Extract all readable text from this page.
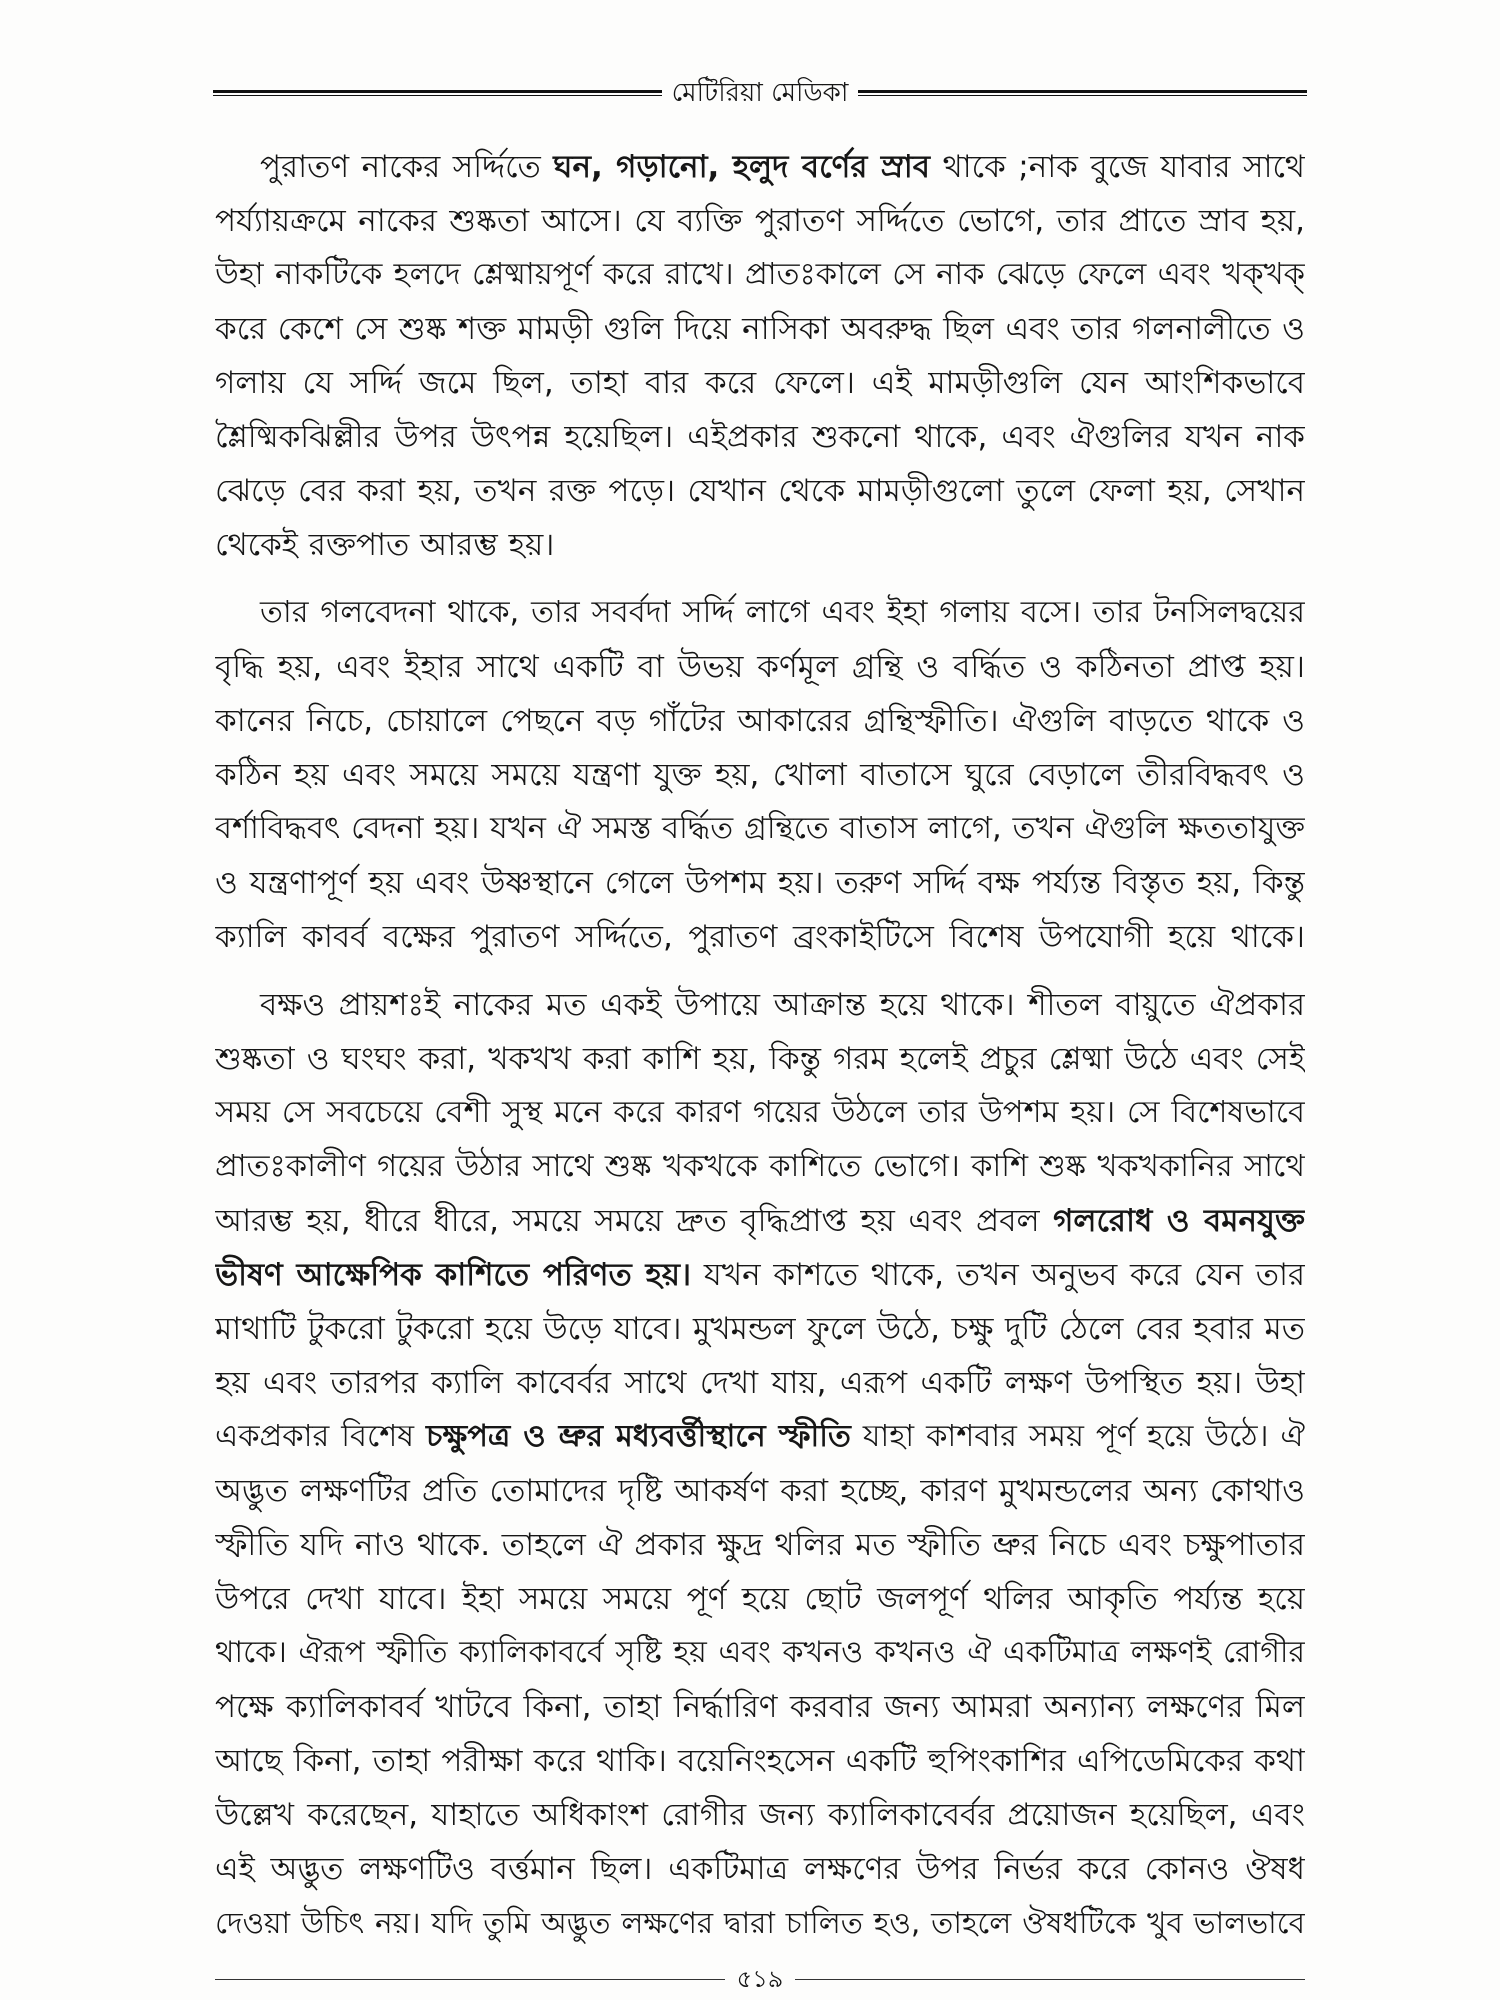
মেটিরিয়া মেডিকা
পুরাতণ নাকের সর্দ্দিতে ঘন, গড়ানো, হলুদ বর্ণের স্রাব থাকে ;নাক বুজে যাবার সাথে
পর্য্যায়ক্রমে নাকের শুষ্কতা আসে। যে ব্যক্তি পুরাতণ সর্দ্দিতে ভোগে, তার প্রাতে স্রাব হয়,
উহা নাকটিকে হলদে শ্লেষ্মায়পূর্ণ করে রাখে। প্রাতঃকালে সে নাক ঝেড়ে ফেলে এবং খক্খক্
করে কেশে সে শুষ্ক শক্ত মামড়ী গুলি দিয়ে নাসিকা অবরুদ্ধ ছিল এবং তার গলনালীতে ও
গলায় যে সর্দ্দি জমে ছিল, তাহা বার করে ফেলে। এই মামড়ীগুলি যেন আংশিকভাবে
শ্লৈষ্মিকঝিল্লীর উপর উৎপন্ন হয়েছিল। এইপ্রকার শুকনো থাকে, এবং ঐগুলির যখন নাক
ঝেড়ে বের করা হয়, তখন রক্ত পড়ে। যেখান থেকে মামড়ীগুলো তুলে ফেলা হয়, সেখান
থেকেই রক্তপাত আরম্ভ হয়।
তার গলবেদনা থাকে, তার সবর্বদা সর্দ্দি লাগে এবং ইহা গলায় বসে। তার টনসিলদ্বয়ের
বৃদ্ধি হয়, এবং ইহার সাথে একটি বা উভয় কর্ণমূল গ্রন্থি ও বর্দ্ধিত ও কঠিনতা প্রাপ্ত হয়।
কানের নিচে, চোয়ালে পেছনে বড় গাঁটের আকারের গ্রন্থিস্ফীতি। ঐগুলি বাড়তে থাকে ও
কঠিন হয় এবং সময়ে সময়ে যন্ত্রণা যুক্ত হয়, খোলা বাতাসে ঘুরে বেড়ালে তীরবিদ্ধবৎ ও
বর্শাবিদ্ধবৎ বেদনা হয়। যখন ঐ সমস্ত বর্দ্ধিত গ্রন্থিতে বাতাস লাগে, তখন ঐগুলি ক্ষততাযুক্ত
ও যন্ত্রণাপূর্ণ হয় এবং উষ্ণস্থানে গেলে উপশম হয়। তরুণ সর্দ্দি বক্ষ পর্য্যন্ত বিস্তৃত হয়, কিন্তু
ক্যালি কাবর্ব বক্ষের পুরাতণ সর্দ্দিতে, পুরাতণ ব্রংকাইটিসে বিশেষ উপযোগী হয়ে থাকে।
বক্ষও প্রায়শঃই নাকের মত একই উপায়ে আক্রান্ত হয়ে থাকে। শীতল বায়ুতে ঐপ্রকার
শুষ্কতা ও ঘংঘং করা, খকখখ করা কাশি হয়, কিন্তু গরম হলেই প্রচুর শ্লেষ্মা উঠে এবং সেই
সময় সে সবচেয়ে বেশী সুস্থ মনে করে কারণ গয়ের উঠলে তার উপশম হয়। সে বিশেষভাবে
প্রাতঃকালীণ গয়ের উঠার সাথে শুষ্ক খকখকে কাশিতে ভোগে। কাশি শুষ্ক খকখকানির সাথে
আরম্ভ হয়, ধীরে ধীরে, সময়ে সময়ে দ্রুত বৃদ্ধিপ্রাপ্ত হয় এবং প্রবল গলরোধ ও বমনযুক্ত
ভীষণ আক্ষেপিক কাশিতে পরিণত হয়। যখন কাশতে থাকে, তখন অনুভব করে যেন তার
মাথাটি টুকরো টুকরো হয়ে উড়ে যাবে। মুখমন্ডল ফুলে উঠে, চক্ষু দুটি ঠেলে বের হবার মত
হয় এবং তারপর ক্যালি কাবের্বর সাথে দেখা যায়, এরূপ একটি লক্ষণ উপস্থিত হয়। উহা
একপ্রকার বিশেষ চক্ষুপত্র ও ভ্রুর মধ্যবর্ত্তীস্থানে স্ফীতি যাহা কাশবার সময় পূর্ণ হয়ে উঠে। ঐ
অদ্ভুত লক্ষণটির প্রতি তোমাদের দৃষ্টি আকর্ষণ করা হচ্ছে, কারণ মুখমন্ডলের অন্য কোথাও
স্ফীতি যদি নাও থাকে. তাহলে ঐ প্রকার ক্ষুদ্র থলির মত স্ফীতি ভ্রুর নিচে এবং চক্ষুপাতার
উপরে দেখা যাবে। ইহা সময়ে সময়ে পূর্ণ হয়ে ছোট জলপূর্ণ থলির আকৃতি পর্য্যন্ত হয়ে
থাকে। ঐরূপ স্ফীতি ক্যালিকাবর্বে সৃষ্টি হয় এবং কখনও কখনও ঐ একটিমাত্র লক্ষণই রোগীর
পক্ষে ক্যালিকাবর্ব খাটবে কিনা, তাহা নির্দ্ধারিণ করবার জন্য আমরা অন্যান্য লক্ষণের মিল
আছে কিনা, তাহা পরীক্ষা করে থাকি। বয়েনিংহসেন একটি হুপিংকাশির এপিডেমিকের কথা
উল্লেখ করেছেন, যাহাতে অধিকাংশ রোগীর জন্য ক্যালিকাবের্বর প্রয়োজন হয়েছিল, এবং
এই অদ্ভুত লক্ষণটিও বর্ত্তমান ছিল। একটিমাত্র লক্ষণের উপর নির্ভর করে কোনও ঔষধ
দেওয়া উচিৎ নয়। যদি তুমি অদ্ভুত লক্ষণের দ্বারা চালিত হও, তাহলে ঔষধটিকে খুব ভালভাবে
৫১৯
